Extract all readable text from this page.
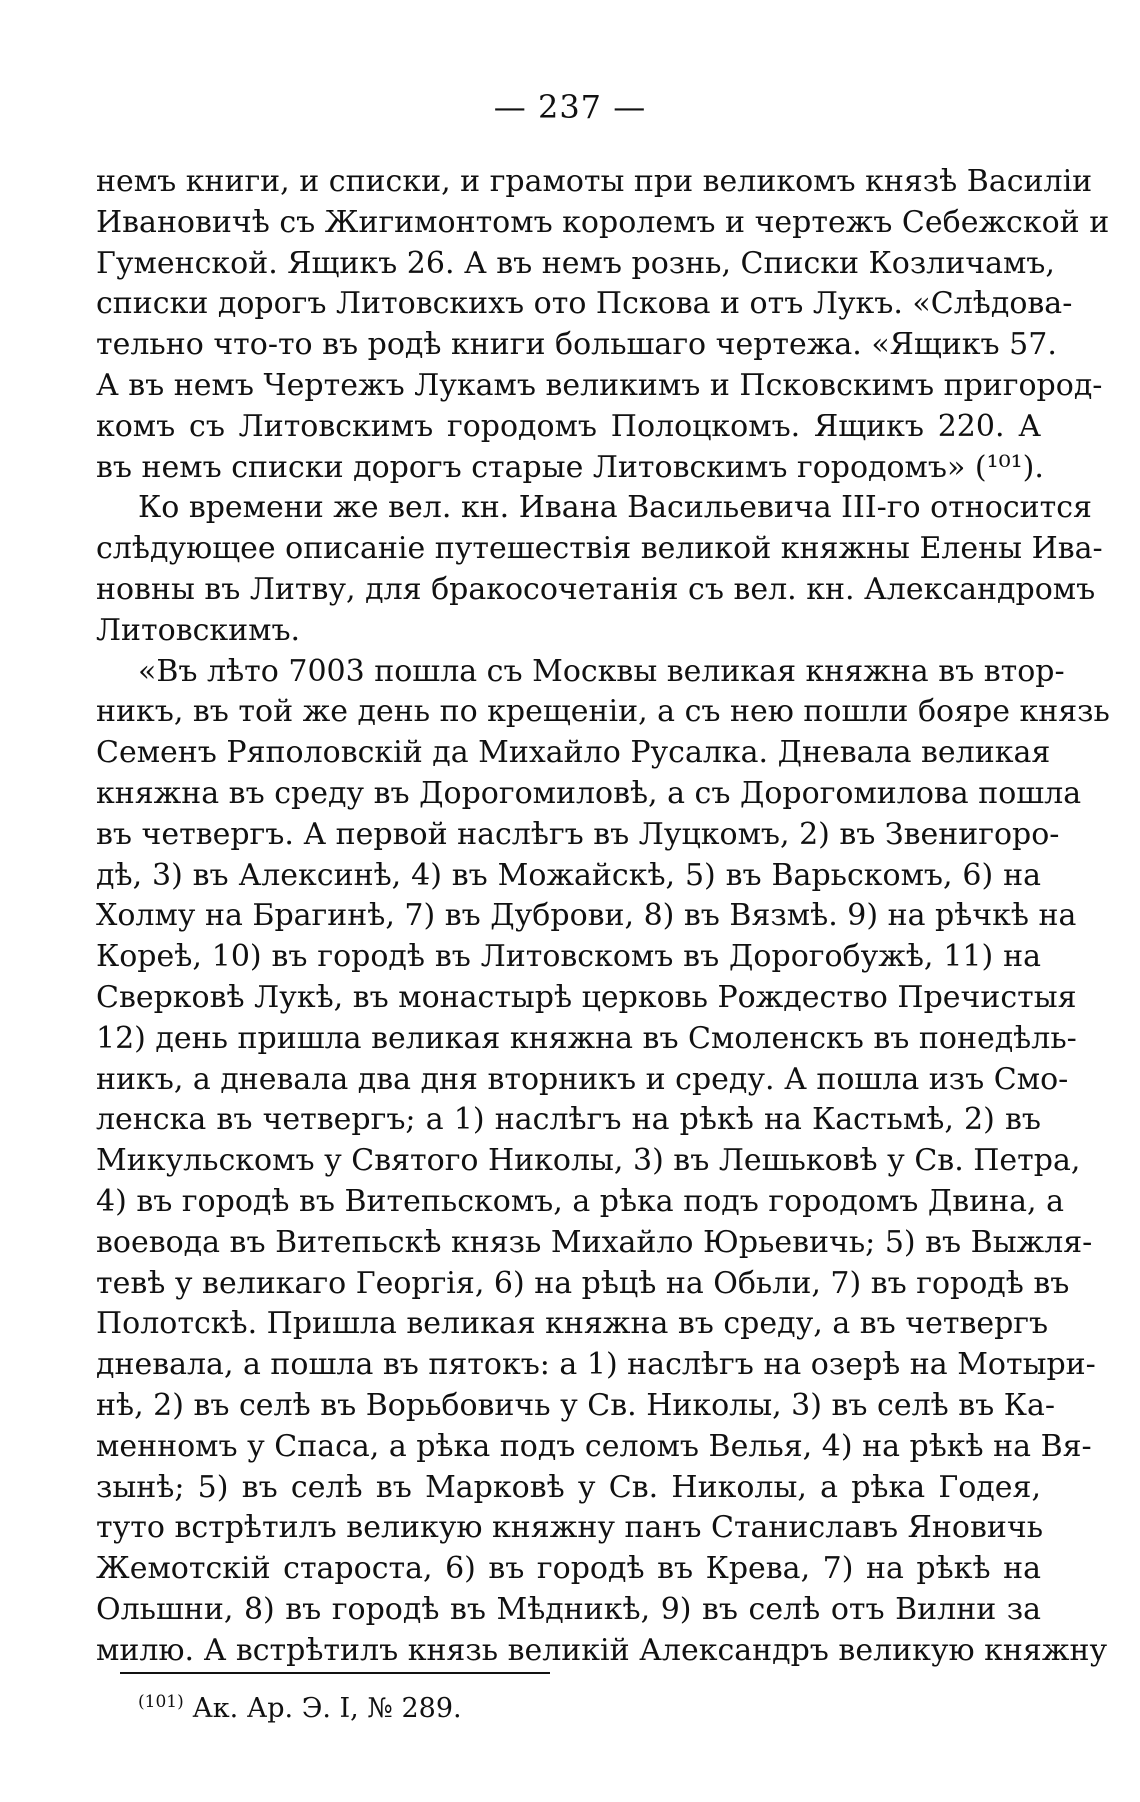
— 237 —
немъ книги, и списки, и грамоты при великомъ князѣ Василіи
Ивановичѣ съ Жигимонтомъ королемъ и чертежъ Себежской и
Гуменской. Ящикъ 26. А въ немъ рознь, Списки Козличамъ,
списки дорогъ Литовскихъ ото Пскова и отъ Лукъ. «Слѣдова-
тельно что-то въ родѣ книги большаго чертежа. «Ящикъ 57.
А въ немъ Чертежъ Лукамъ великимъ и Псковскимъ пригород-
комъ съ Литовскимъ городомъ Полоцкомъ. Ящикъ 220. А
въ немъ списки дорогъ старые Литовскимъ городомъ» (¹⁰¹).
Ко времени же вел. кн. Ивана Васильевича III-го относится
слѣдующее описаніе путешествія великой княжны Елены Ива-
новны въ Литву, для бракосочетанія съ вел. кн. Александромъ
Литовскимъ.
«Въ лѣто 7003 пошла съ Москвы великая княжна въ втор-
никъ, въ той же день по крещеніи, а съ нею пошли бояре князь
Семенъ Ряполовскій да Михайло Русалка. Дневала великая
княжна въ среду въ Дорогомиловѣ, а съ Дорогомилова пошла
въ четвергъ. А первой наслѣгъ въ Луцкомъ, 2) въ Звенигоро-
дѣ, 3) въ Алексинѣ, 4) въ Можайскѣ, 5) въ Варьскомъ, 6) на
Холму на Брагинѣ, 7) въ Дуброви, 8) въ Вязмѣ. 9) на рѣчкѣ на
Кореѣ, 10) въ городѣ въ Литовскомъ въ Дорогобужѣ, 11) на
Сверковѣ Лукѣ, въ монастырѣ церковь Рождество Пречистыя
12) день пришла великая княжна въ Смоленскъ въ понедѣль-
никъ, а дневала два дня вторникъ и среду. А пошла изъ Смо-
ленска въ четвергъ; а 1) наслѣгъ на рѣкѣ на Кастьмѣ, 2) въ
Микульскомъ у Святого Николы, 3) въ Лешьковѣ у Св. Петра,
4) въ городѣ въ Витепьскомъ, а рѣка подъ городомъ Двина, а
воевода въ Витепьскѣ князь Михайло Юрьевичь; 5) въ Выжля-
тевѣ у великаго Георгія, 6) на рѣцѣ на Обьли, 7) въ городѣ въ
Полотскѣ. Пришла великая княжна въ среду, а въ четвергъ
дневала, а пошла въ пятокъ: а 1) наслѣгъ на озерѣ на Мотыри-
нѣ, 2) въ селѣ въ Ворьбовичь у Св. Николы, 3) въ селѣ въ Ка-
менномъ у Спаса, а рѣка подъ селомъ Велья, 4) на рѣкѣ на Вя-
зынѣ; 5) въ селѣ въ Марковѣ у Св. Николы, а рѣка Годея,
туто встрѣтилъ великую княжну панъ Станиславъ Яновичь
Жемотскій староста, 6) въ городѣ въ Крева, 7) на рѣкѣ на
Ольшни, 8) въ городѣ въ Мѣдникѣ, 9) въ селѣ отъ Вилни за
милю. А встрѣтилъ князь великій Александръ великую княжну
$^{(101)}$ Ак. Ар. Э. I, № 289.
